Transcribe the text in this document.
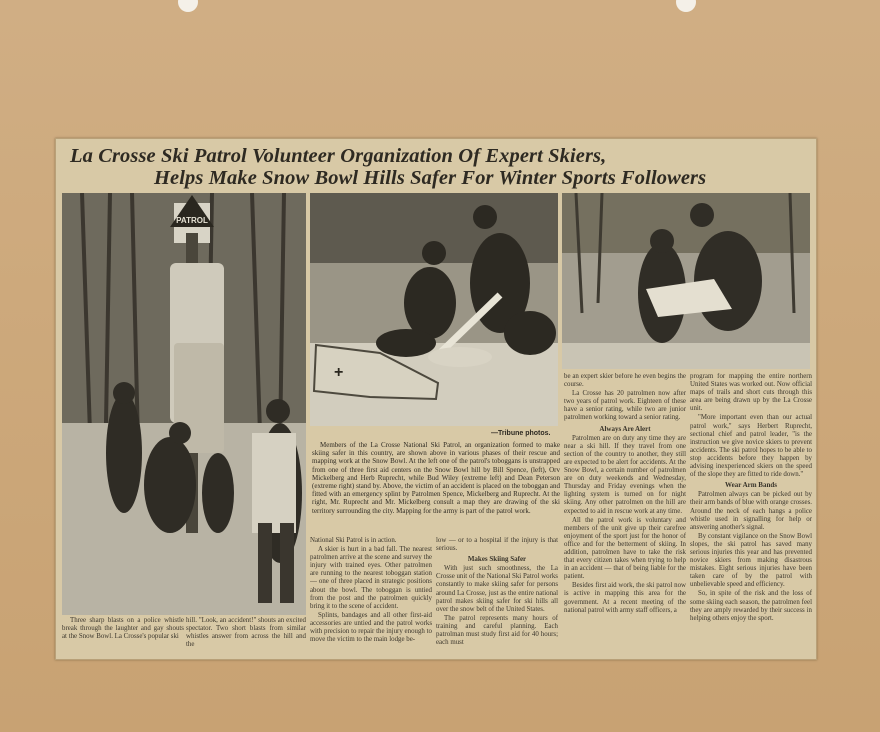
La Crosse Ski Patrol Volunteer Organization Of Expert Skiers,
Helps Make Snow Bowl Hills Safer For Winter Sports Followers
PATROL
+
—Tribune photos.

Members of the La Crosse National Ski Patrol, an organization formed to make skiing safer in this country, are shown above in various phases of their rescue and mapping work at the Snow Bowl. At the left one of the patrol's toboggans is unstrapped from one of three first aid centers on the Snow Bowl hill by Bill Spence, (left), Orv Mickelberg and Herb Ruprecht, while Bud Wiley (extreme left) and Dean Peterson (extreme right) stand by. Above, the victim of an accident is placed on the toboggan and fitted with an emergency splint by Patrolmen Spence, Mickelberg and Ruprecht. At the right, Mr. Ruprecht and Mr. Mickelberg consult a map they are drawing of the ski territory surrounding the city. Mapping for the army is part of the patrol work.

Three sharp blasts on a police whistle break through the laughter and gay shouts at the Snow Bowl. La Crosse's popular ski

hill. "Look, an accident!" shouts an excited spectator. Two short blasts from similar whistles answer from across the hill and the

National Ski Patrol is in action.

A skier is hurt in a bad fall. The nearest patrolmen arrive at the scene and survey the injury with trained eyes. Other patrolmen are running to the nearest toboggan station — one of three placed in strategic positions about the bowl. The toboggan is untied from the post and the patrolmen quickly bring it to the scene of accident.

Splints, bandages and all other first-aid accessories are untied and the patrol works with precision to repair the injury enough to move the victim to the main lodge be-

low — or to a hospital if the injury is that serious.

Makes Skiing Safer

With just such smoothness, the La Crosse unit of the National Ski Patrol works constantly to make skiing safer for persons around La Crosse, just as the entire national patrol makes skiing safer for ski hills all over the snow belt of the United States.

The patrol represents many hours of training and careful planning. Each patrolman must study first aid for 40 hours; each must

be an expert skier before he even begins the course.

La Crosse has 20 patrolmen now after two years of patrol work. Eighteen of these have a senior rating, while two are junior patrolmen working toward a senior rating.

Always Are Alert

Patrolmen are on duty any time they are near a ski hill. If they travel from one section of the country to another, they still are expected to be alert for accidents. At the Snow Bowl, a certain number of patrolmen are on duty weekends and Wednesday, Thursday and Friday evenings when the lighting system is turned on for night skiing. Any other patrolmen on the hill are expected to aid in rescue work at any time.

All the patrol work is voluntary and members of the unit give up their carefree enjoyment of the sport just for the honor of office and for the betterment of skiing. In addition, patrolmen have to take the risk that every citizen takes when trying to help in an accident — that of being liable for the patient.

Besides first aid work, the ski patrol now is active in mapping this area for the government. At a recent meeting of the national patrol with army staff officers, a

program for mapping the entire northern United States was worked out. Now official maps of trails and short cuts through this area are being drawn up by the La Crosse unit.

"More important even than our actual patrol work," says Herbert Ruprecht, sectional chief and patrol leader, "is the instruction we give novice skiers to prevent accidents. The ski patrol hopes to be able to stop accidents before they happen by advising inexperienced skiers on the speed of the slope they are fitted to ride down."

Wear Arm Bands

Patrolmen always can be picked out by their arm bands of blue with orange crosses. Around the neck of each hangs a police whistle used in signalling for help or answering another's signal.

By constant vigilance on the Snow Bowl slopes, the ski patrol has saved many serious injuries this year and has prevented novice skiers from making disastrous mistakes. Eight serious injuries have been taken care of by the patrol with unbelievable speed and efficiency.

So, in spite of the risk and the loss of some skiing each season, the patrolmen feel they are amply rewarded by their success in helping others enjoy the sport.
